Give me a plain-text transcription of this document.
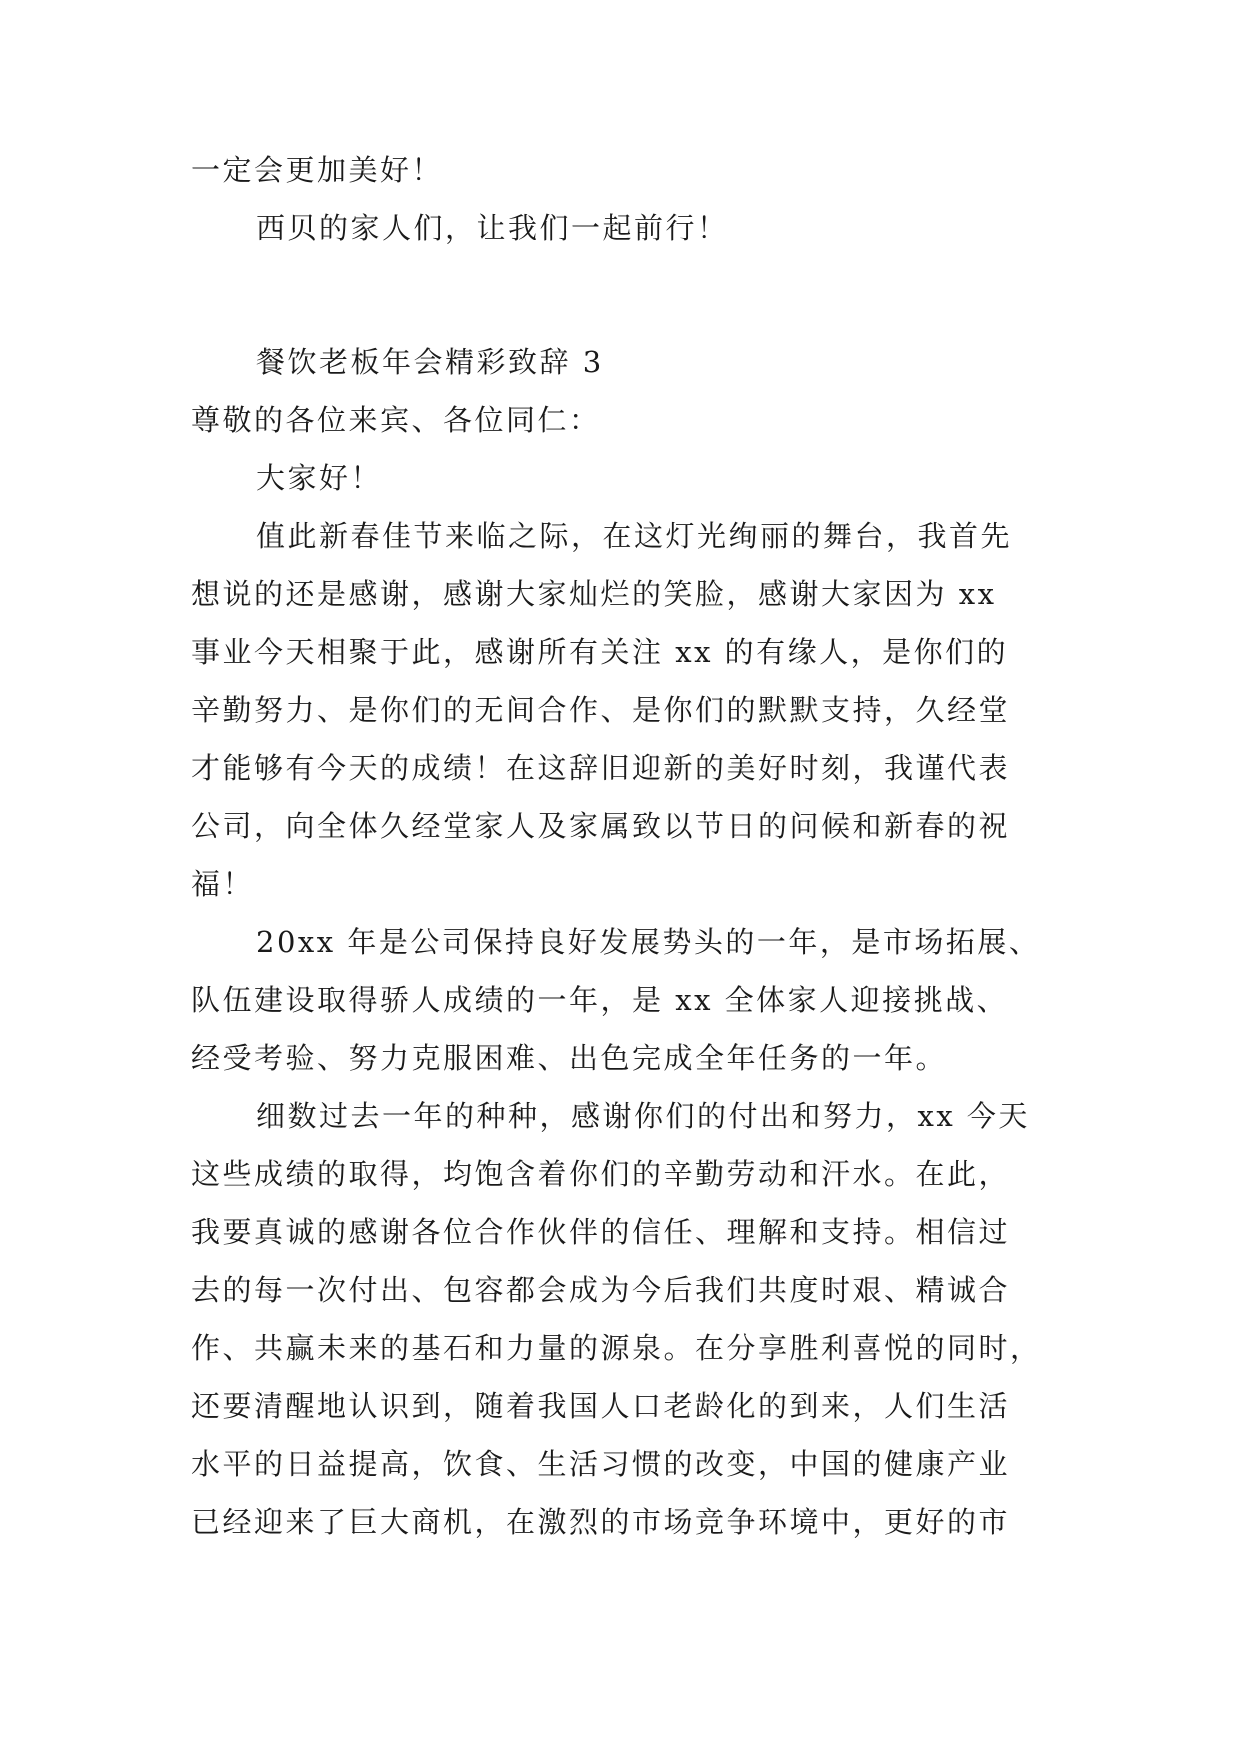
一定会更加美好！
西贝的家人们，让我们一起前行！
餐饮老板年会精彩致辞 3
尊敬的各位来宾、各位同仁：
大家好！
值此新春佳节来临之际，在这灯光绚丽的舞台，我首先
想说的还是感谢，感谢大家灿烂的笑脸，感谢大家因为 xx
事业今天相聚于此，感谢所有关注 xx 的有缘人，是你们的
辛勤努力、是你们的无间合作、是你们的默默支持，久经堂
才能够有今天的成绩！在这辞旧迎新的美好时刻，我谨代表
公司，向全体久经堂家人及家属致以节日的问候和新春的祝
福！
20xx 年是公司保持良好发展势头的一年，是市场拓展、
队伍建设取得骄人成绩的一年，是 xx 全体家人迎接挑战、
经受考验、努力克服困难、出色完成全年任务的一年。
细数过去一年的种种，感谢你们的付出和努力，xx 今天
这些成绩的取得，均饱含着你们的辛勤劳动和汗水。在此，
我要真诚的感谢各位合作伙伴的信任、理解和支持。相信过
去的每一次付出、包容都会成为今后我们共度时艰、精诚合
作、共赢未来的基石和力量的源泉。在分享胜利喜悦的同时，
还要清醒地认识到，随着我国人口老龄化的到来，人们生活
水平的日益提高，饮食、生活习惯的改变，中国的健康产业
已经迎来了巨大商机，在激烈的市场竞争环境中，更好的市
